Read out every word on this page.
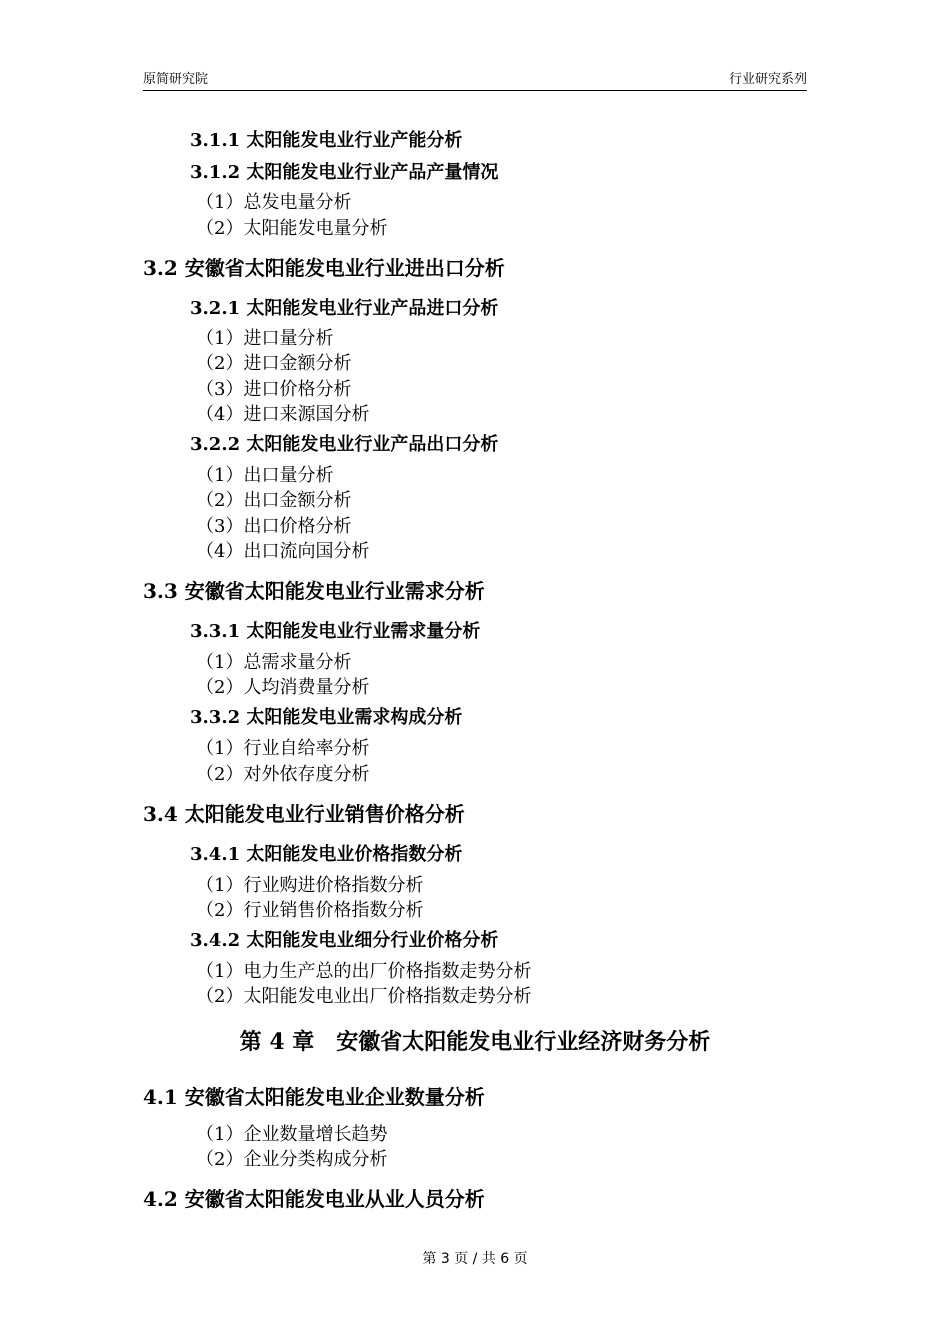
原简研究院	行业研究系列
3.1.1 太阳能发电业行业产能分析
3.1.2 太阳能发电业行业产品产量情况
（1）总发电量分析
（2）太阳能发电量分析
3.2 安徽省太阳能发电业行业进出口分析
3.2.1 太阳能发电业行业产品进口分析
（1）进口量分析
（2）进口金额分析
（3）进口价格分析
（4）进口来源国分析
3.2.2 太阳能发电业行业产品出口分析
（1）出口量分析
（2）出口金额分析
（3）出口价格分析
（4）出口流向国分析
3.3 安徽省太阳能发电业行业需求分析
3.3.1 太阳能发电业行业需求量分析
（1）总需求量分析
（2）人均消费量分析
3.3.2 太阳能发电业需求构成分析
（1）行业自给率分析
（2）对外依存度分析
3.4 太阳能发电业行业销售价格分析
3.4.1 太阳能发电业价格指数分析
（1）行业购进价格指数分析
（2）行业销售价格指数分析
3.4.2 太阳能发电业细分行业价格分析
（1）电力生产总的出厂价格指数走势分析
（2）太阳能发电业出厂价格指数走势分析
第 4 章　安徽省太阳能发电业行业经济财务分析
4.1 安徽省太阳能发电业企业数量分析
（1）企业数量增长趋势
（2）企业分类构成分析
4.2 安徽省太阳能发电业从业人员分析
第 3 页 / 共 6 页
